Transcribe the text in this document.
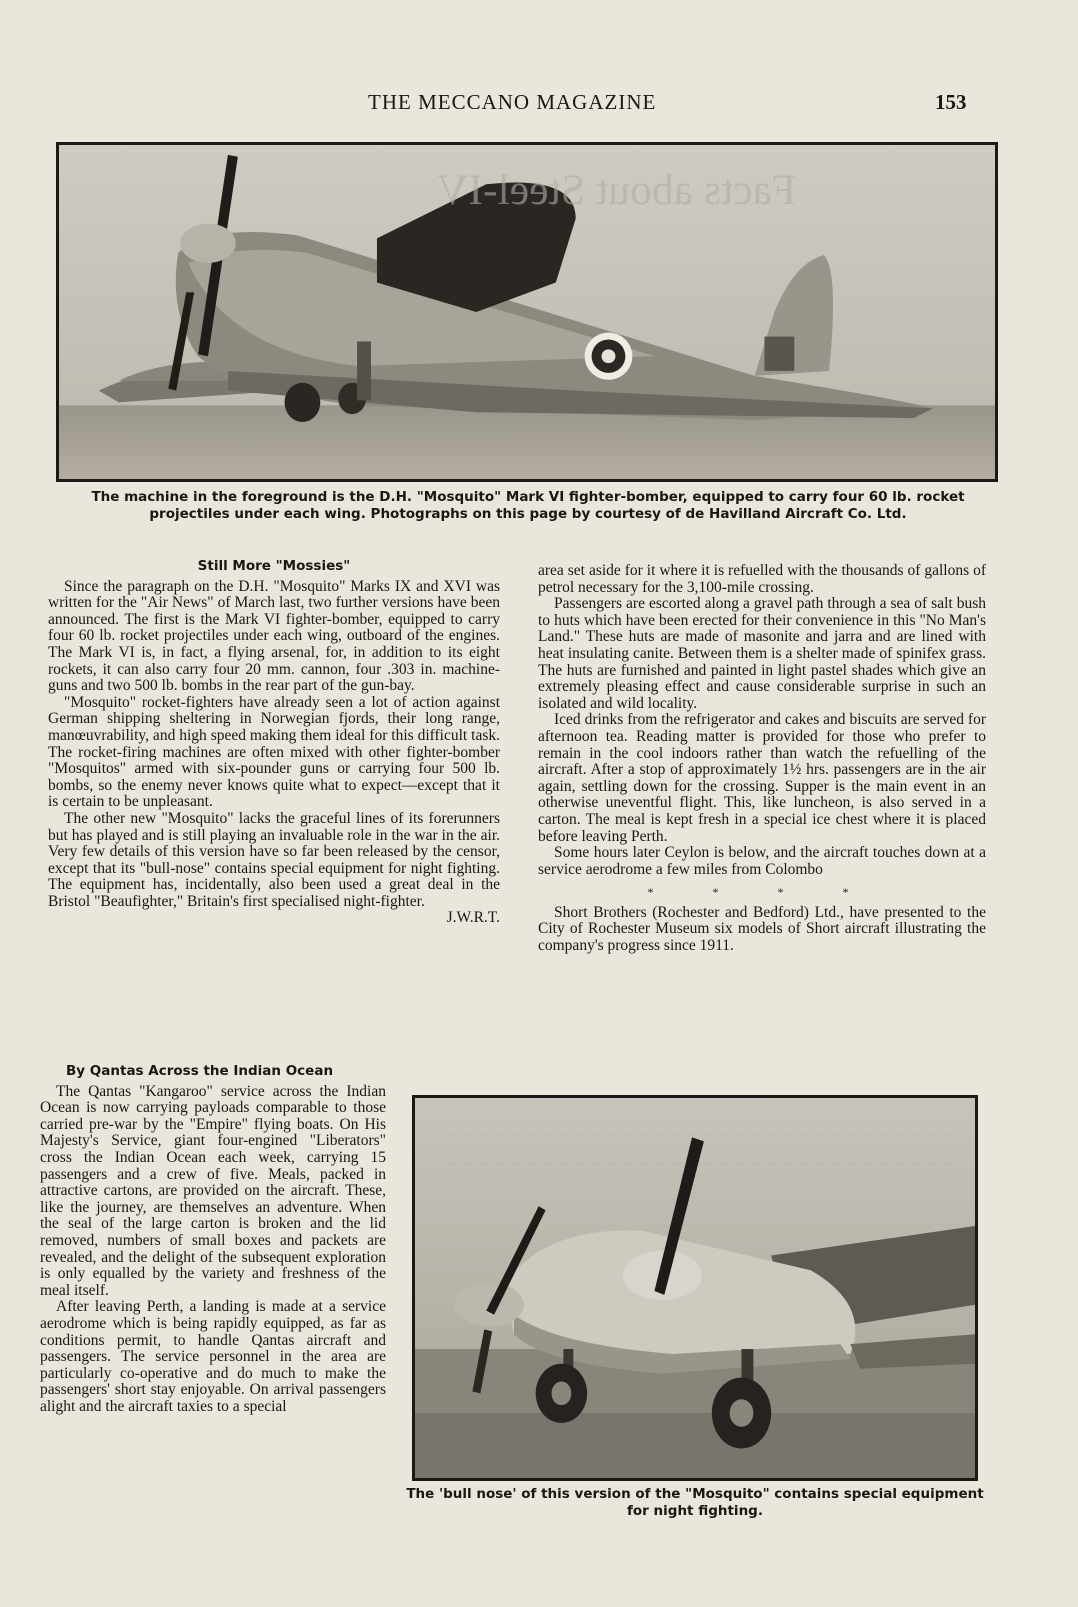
THE MECCANO MAGAZINE	153
Facts about Steel-IV
The machine in the foreground is the D.H. "Mosquito" Mark VI fighter-bomber, equipped to carry four 60 lb. rocket projectiles under each wing. Photographs on this page by courtesy of de Havilland Aircraft Co. Ltd.
Still More "Mossies"

Since the paragraph on the D.H. "Mosquito" Marks IX and XVI was written for the "Air News" of March last, two further versions have been announced. The first is the Mark VI fighter-bomber, equipped to carry four 60 lb. rocket projectiles under each wing, outboard of the engines. The Mark VI is, in fact, a flying arsenal, for, in addition to its eight rockets, it can also carry four 20 mm. cannon, four .303 in. machine-guns and two 500 lb. bombs in the rear part of the gun-bay.

"Mosquito" rocket-fighters have already seen a lot of action against German shipping sheltering in Norwegian fjords, their long range, manœuvrability, and high speed making them ideal for this difficult task. The rocket-firing machines are often mixed with other fighter-bomber "Mosquitos" armed with six-pounder guns or carrying four 500 lb. bombs, so the enemy never knows quite what to expect—except that it is certain to be unpleasant.

The other new "Mosquito" lacks the graceful lines of its forerunners but has played and is still playing an invaluable role in the war in the air. Very few details of this version have so far been released by the censor, except that its "bull-nose" contains special equipment for night fighting. The equipment has, incidentally, also been used a great deal in the Bristol "Beaufighter," Britain's first specialised night-fighter.

J.W.R.T.
By Qantas Across the Indian Ocean

The Qantas "Kangaroo" service across the Indian Ocean is now carrying payloads comparable to those carried pre-war by the "Empire" flying boats. On His Majesty's Service, giant four-engined "Liberators" cross the Indian Ocean each week, carrying 15 passengers and a crew of five. Meals, packed in attractive cartons, are provided on the aircraft. These, like the journey, are themselves an adventure. When the seal of the large carton is broken and the lid removed, numbers of small boxes and packets are revealed, and the delight of the subsequent exploration is only equalled by the variety and freshness of the meal itself.

After leaving Perth, a landing is made at a service aerodrome which is being rapidly equipped, as far as conditions permit, to handle Qantas aircraft and passengers. The service personnel in the area are particularly co-operative and do much to make the passengers' short stay enjoyable. On arrival passengers alight and the aircraft taxies to a special

area set aside for it where it is refuelled with the thousands of gallons of petrol necessary for the 3,100-mile crossing.

Passengers are escorted along a gravel path through a sea of salt bush to huts which have been erected for their convenience in this "No Man's Land." These huts are made of masonite and jarra and are lined with heat insulating canite. Between them is a shelter made of spinifex grass. The huts are furnished and painted in light pastel shades which give an extremely pleasing effect and cause considerable surprise in such an isolated and wild locality.

Iced drinks from the refrigerator and cakes and biscuits are served for afternoon tea. Reading matter is provided for those who prefer to remain in the cool indoors rather than watch the refuelling of the aircraft. After a stop of approximately 1½ hrs. passengers are in the air again, settling down for the crossing. Supper is the main event in an otherwise uneventful flight. This, like luncheon, is also served in a carton. The meal is kept fresh in a special ice chest where it is placed before leaving Perth.

Some hours later Ceylon is below, and the aircraft touches down at a service aerodrome a few miles from Colombo

* * * *

Short Brothers (Rochester and Bedford) Ltd., have presented to the City of Rochester Museum six models of Short aircraft illustrating the company's progress since 1911.

— — — — — — — — — — — — — — — — — — — — — — — — — — — — — — — —
— — — — — — — — — — — — — — — — — — — — — — — — — — — — — — — —
The 'bull nose' of this version of the "Mosquito" contains special equipment for night fighting.
